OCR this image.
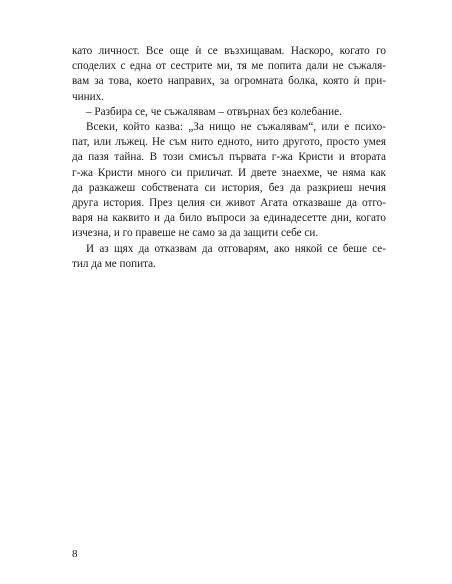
като личност. Все още ѝ се възхищавам. Наскоро, когато го
споделих с една от сестрите ми, тя ме попита дали не съжаля-
вам за това, което направих, за огромната болка, която ѝ при-
чиних.

– Разбира се, че съжалявам – отвърнах без колебание.

Всеки, който казва: „За нищо не съжалявам“, или е психо-
пат, или лъжец. Не съм нито едното, нито другото, просто умея
да пазя тайна. В този смисъл първата г-жа Кристи и втората
г-жа Кристи много си приличат. И двете знаехме, че няма как
да разкажеш собствената си история, без да разкриеш нечия
друга история. През целия си живот Агата отказваше да отго-
варя на каквито и да било въпроси за единадесетте дни, когато
изчезна, и го правеше не само за да защити себе си.

И аз щях да отказвам да отговарям, ако някой се беше се-
тил да ме попита.

8
